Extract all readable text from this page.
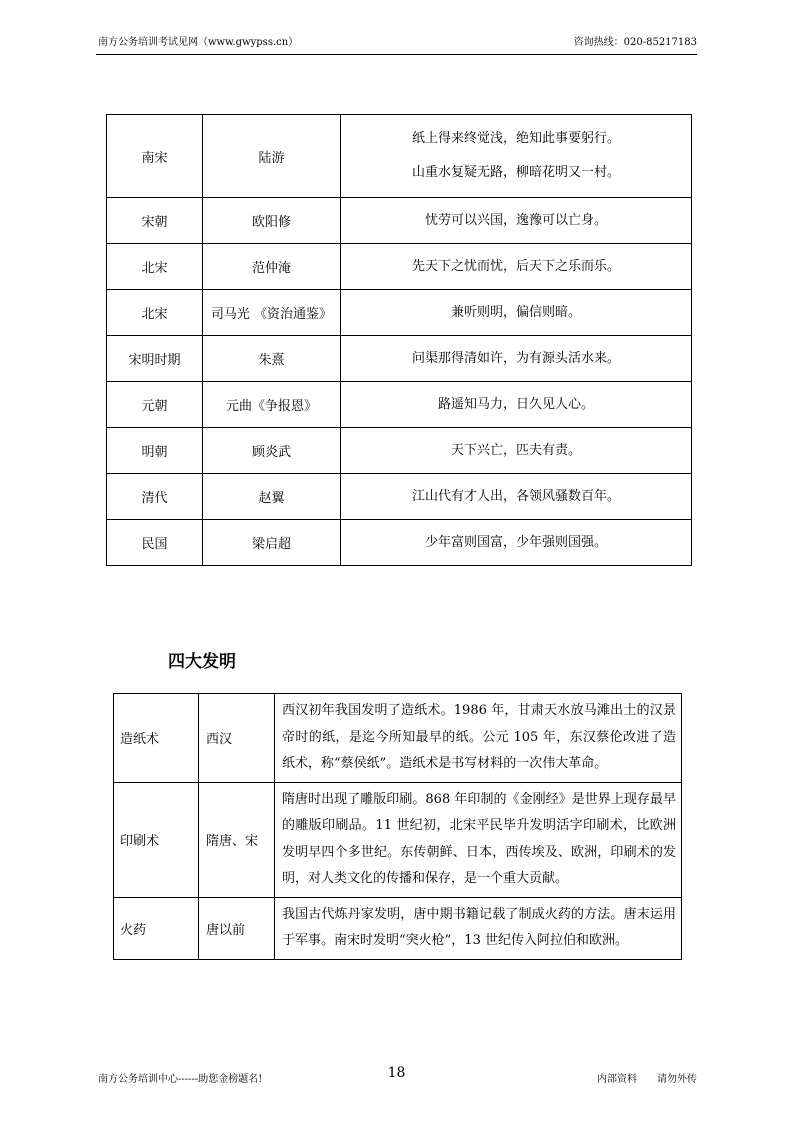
南方公务培训考试见网（www.gwypss.cn）	咨询热线：020-85217183
南宋	陆游	纸上得来终觉浅，绝知此事要躬行。
山重水复疑无路，柳暗花明又一村。

宋朝	欧阳修	忧劳可以兴国，逸豫可以亡身。

北宋	范仲淹	先天下之忧而忧，后天下之乐而乐。

北宋	司马光 《资治通鉴》	兼听则明，偏信则暗。

宋明时期	朱熹	问渠那得清如许，为有源头活水来。

元朝	元曲《争报恩》	路遥知马力，日久见人心。

明朝	顾炎武	天下兴亡，匹夫有责。

清代	赵翼	江山代有才人出，各领风骚数百年。

民国	梁启超	少年富则国富，少年强则国强。
四大发明
造纸术	西汉	西汉初年我国发明了造纸术。1986 年，甘肃天水放马滩出土的汉景帝时的纸，是迄今所知最早的纸。公元 105 年，东汉蔡伦改进了造纸术，称“蔡侯纸”。造纸术是书写材料的一次伟大革命。
印刷术	隋唐、宋	隋唐时出现了雕版印刷。868 年印制的《金刚经》是世界上现存最早的雕版印刷品。11 世纪初，北宋平民毕升发明活字印刷术，比欧洲发明早四个多世纪。东传朝鲜、日本，西传埃及、欧洲，印刷术的发明，对人类文化的传播和保存，是一个重大贡献。
火药	唐以前	我国古代炼丹家发明，唐中期书籍记载了制成火药的方法。唐末运用于军事。南宋时发明“突火枪”，13 世纪传入阿拉伯和欧洲。
18
南方公务培训中心------助您金榜题名!	内部资料 请勿外传
